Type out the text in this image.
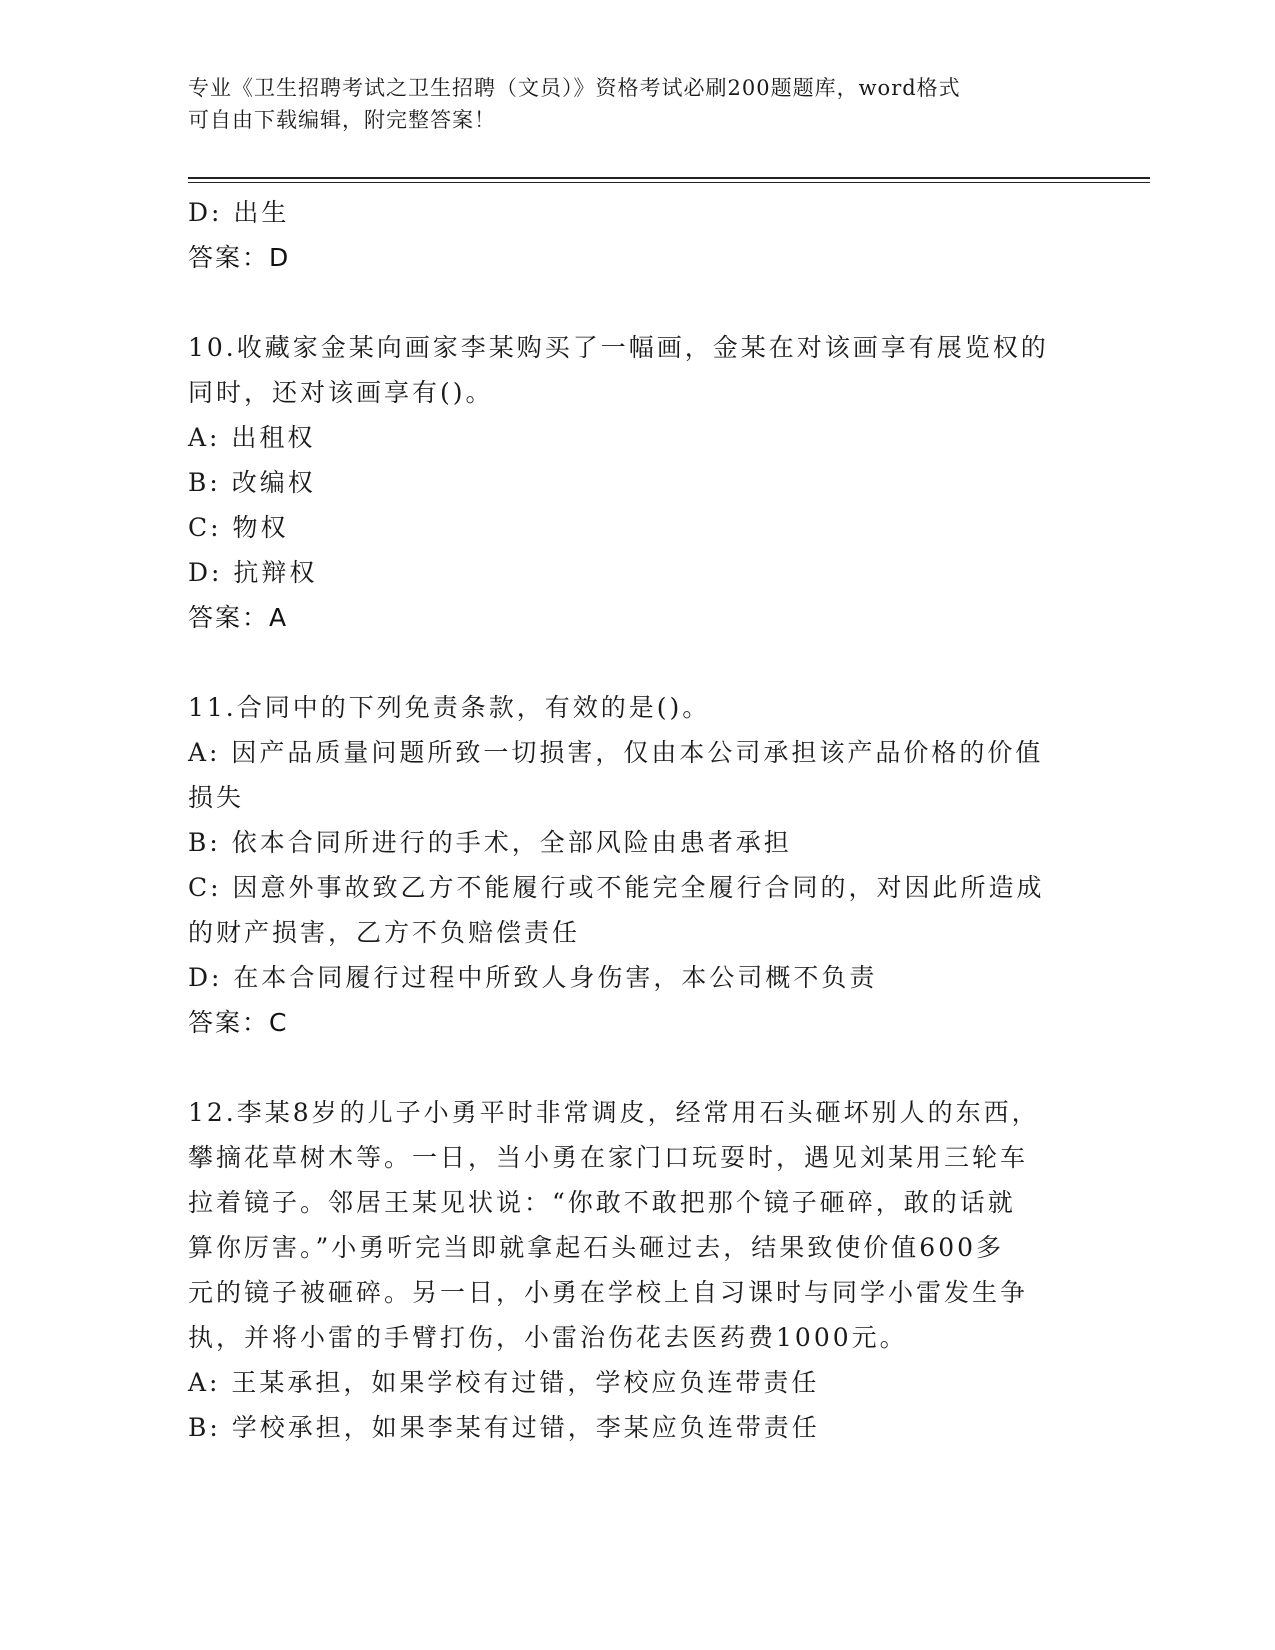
专业《卫生招聘考试之卫生招聘（文员）》资格考试必刷200题题库，word格式
可自由下载编辑，附完整答案！
D: 出生
答案：D
10.收藏家金某向画家李某购买了一幅画，金某在对该画享有展览权的
同时，还对该画享有()。
A: 出租权
B: 改编权
C: 物权
D: 抗辩权
答案：A
11.合同中的下列免责条款，有效的是()。
A: 因产品质量问题所致一切损害，仅由本公司承担该产品价格的价值
损失
B: 依本合同所进行的手术，全部风险由患者承担
C: 因意外事故致乙方不能履行或不能完全履行合同的，对因此所造成
的财产损害，乙方不负赔偿责任
D: 在本合同履行过程中所致人身伤害，本公司概不负责
答案：C
12.李某8岁的儿子小勇平时非常调皮，经常用石头砸坏别人的东西，
攀摘花草树木等。一日，当小勇在家门口玩耍时，遇见刘某用三轮车
拉着镜子。邻居王某见状说：“你敢不敢把那个镜子砸碎，敢的话就
算你厉害。”小勇听完当即就拿起石头砸过去，结果致使价值600多
元的镜子被砸碎。另一日，小勇在学校上自习课时与同学小雷发生争
执，并将小雷的手臂打伤，小雷治伤花去医药费1000元。
A: 王某承担，如果学校有过错，学校应负连带责任
B: 学校承担，如果李某有过错，李某应负连带责任
